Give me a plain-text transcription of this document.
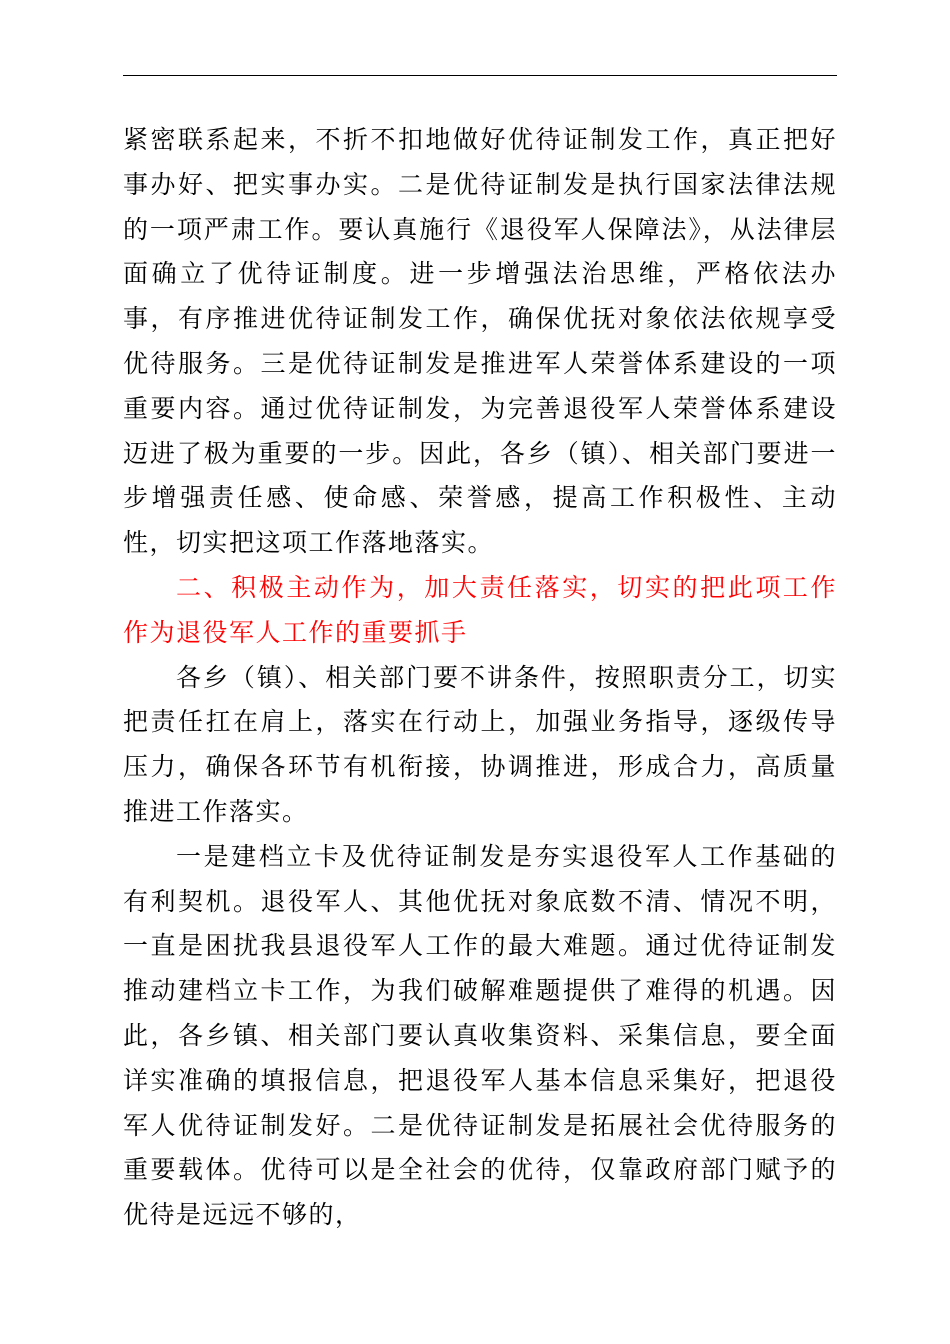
紧密联系起来，不折不扣地做好优待证制发工作，真正把好事办好、把实事办实。二是优待证制发是执行国家法律法规的一项严肃工作。要认真施行《退役军人保障法》，从法律层面确立了优待证制度。进一步增强法治思维，严格依法办事，有序推进优待证制发工作，确保优抚对象依法依规享受优待服务。三是优待证制发是推进军人荣誉体系建设的一项重要内容。通过优待证制发，为完善退役军人荣誉体系建设迈进了极为重要的一步。因此，各乡（镇）、相关部门要进一步增强责任感、使命感、荣誉感，提高工作积极性、主动性，切实把这项工作落地落实。

二、积极主动作为，加大责任落实，切实的把此项工作作为退役军人工作的重要抓手

各乡（镇）、相关部门要不讲条件，按照职责分工，切实把责任扛在肩上，落实在行动上，加强业务指导，逐级传导压力，确保各环节有机衔接，协调推进，形成合力，高质量推进工作落实。

一是建档立卡及优待证制发是夯实退役军人工作基础的有利契机。退役军人、其他优抚对象底数不清、情况不明，一直是困扰我县退役军人工作的最大难题。通过优待证制发推动建档立卡工作，为我们破解难题提供了难得的机遇。因此，各乡镇、相关部门要认真收集资料、采集信息，要全面详实准确的填报信息，把退役军人基本信息采集好，把退役军人优待证制发好。二是优待证制发是拓展社会优待服务的重要载体。优待可以是全社会的优待，仅靠政府部门赋予的优待是远远不够的，
